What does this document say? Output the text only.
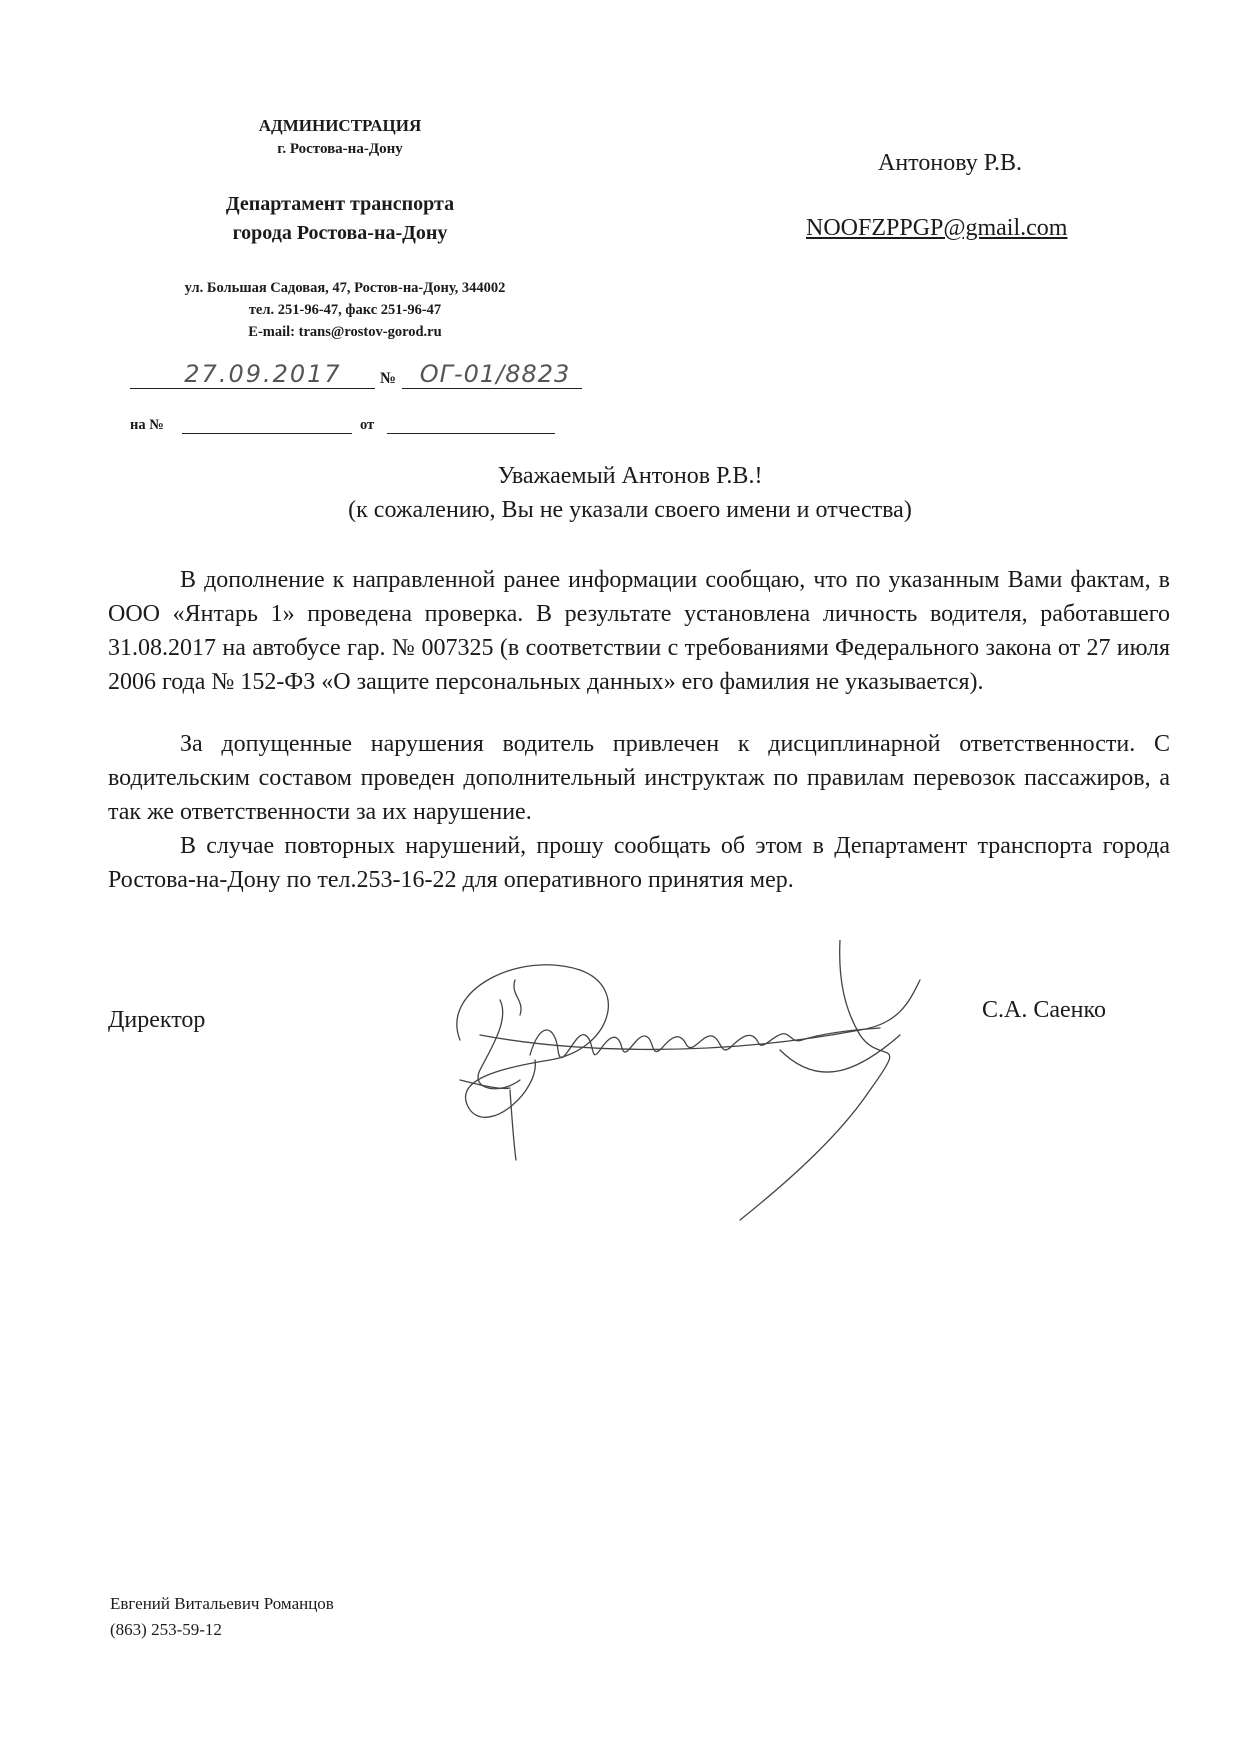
АДМИНИСТРАЦИЯ
г. Ростова-на-Дону
Департамент транспорта
города Ростова-на-Дону
ул. Большая Садовая, 47, Ростов-на-Дону, 344002
тел. 251-96-47, факс 251-96-47
E-mail: trans@rostov-gorod.ru
27.09.2017	№ ОГ-01/8823
на №	от
Антонову Р.В.
NOOFZPPGP@gmail.com
Уважаемый Антонов Р.В.!
(к сожалению, Вы не указали своего имени и отчества)
В дополнение к направленной ранее информации сообщаю, что по указанным Вами фактам, в ООО «Янтарь 1» проведена проверка. В результате установлена личность водителя, работавшего 31.08.2017 на автобусе гар. № 007325 (в соответствии с требованиями Федерального закона от 27 июля 2006 года № 152-ФЗ «О защите персональных данных» его фамилия не указывается).
За допущенные нарушения водитель привлечен к дисциплинарной ответственности. С водительским составом проведен дополнительный инструктаж по правилам перевозок пассажиров, а так же ответственности за их нарушение.
В случае повторных нарушений, прошу сообщать об этом в Департамент транспорта города Ростова-на-Дону по тел.253-16-22 для оперативного принятия мер.
Директор	С.А. Саенко
Евгений Витальевич Романцов
(863) 253-59-12
